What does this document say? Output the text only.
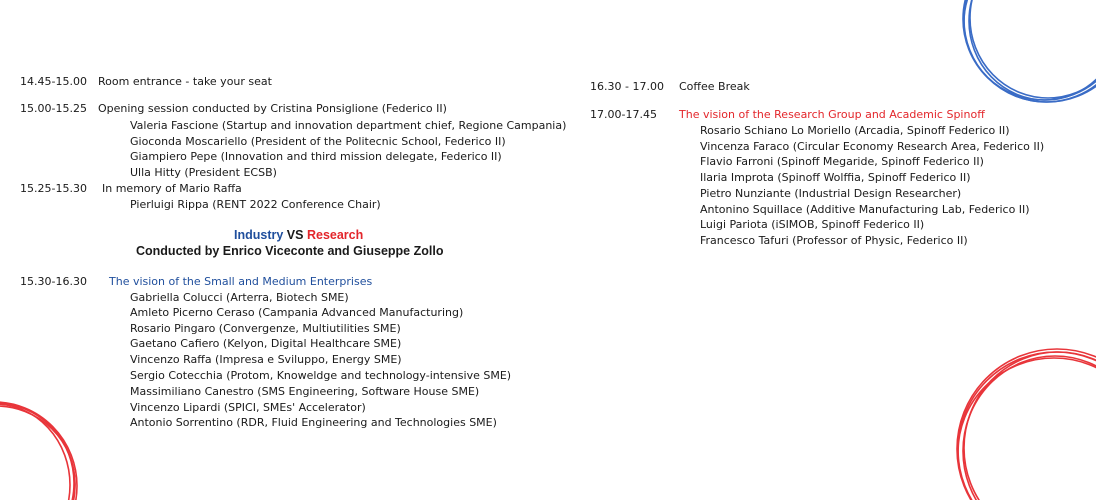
14.45-15.00 Room entrance - take your seat
15.00-15.25 Opening session conducted by Cristina Ponsiglione (Federico II)
Valeria Fascione (Startup and innovation department chief, Regione Campania)
Gioconda Moscariello (President of the Politecnic School, Federico II)
Giampiero Pepe (Innovation and third mission delegate, Federico II)
Ulla Hitty (President ECSB)
15.25-15.30 In memory of Mario Raffa
Pierluigi Rippa (RENT 2022 Conference Chair)
Industry VS Research
Conducted by Enrico Viceconte and Giuseppe Zollo
15.30-16.30 The vision of the Small and Medium Enterprises
Gabriella Colucci (Arterra, Biotech SME)
Amleto Picerno Ceraso (Campania Advanced Manufacturing)
Rosario Pingaro (Convergenze, Multiutilities SME)
Gaetano Cafiero (Kelyon, Digital Healthcare SME)
Vincenzo Raffa (Impresa e Sviluppo, Energy SME)
Sergio Cotecchia (Protom, Knoweldge and technology-intensive SME)
Massimiliano Canestro (SMS Engineering, Software House SME)
Vincenzo Lipardi (SPICI, SMEs' Accelerator)
Antonio Sorrentino (RDR, Fluid Engineering and Technologies SME)
16.30 - 17.00 Coffee Break
17.00-17.45 The vision of the Research Group and Academic Spinoff
Rosario Schiano Lo Moriello (Arcadia, Spinoff Federico II)
Vincenza Faraco (Circular Economy Research Area, Federico II)
Flavio Farroni (Spinoff Megaride, Spinoff Federico II)
Ilaria Improta (Spinoff Wolffia, Spinoff Federico II)
Pietro Nunziante (Industrial Design Researcher)
Antonino Squillace (Additive Manufacturing Lab, Federico II)
Luigi Pariota (iSIMOB, Spinoff Federico II)
Francesco Tafuri (Professor of Physic, Federico II)
